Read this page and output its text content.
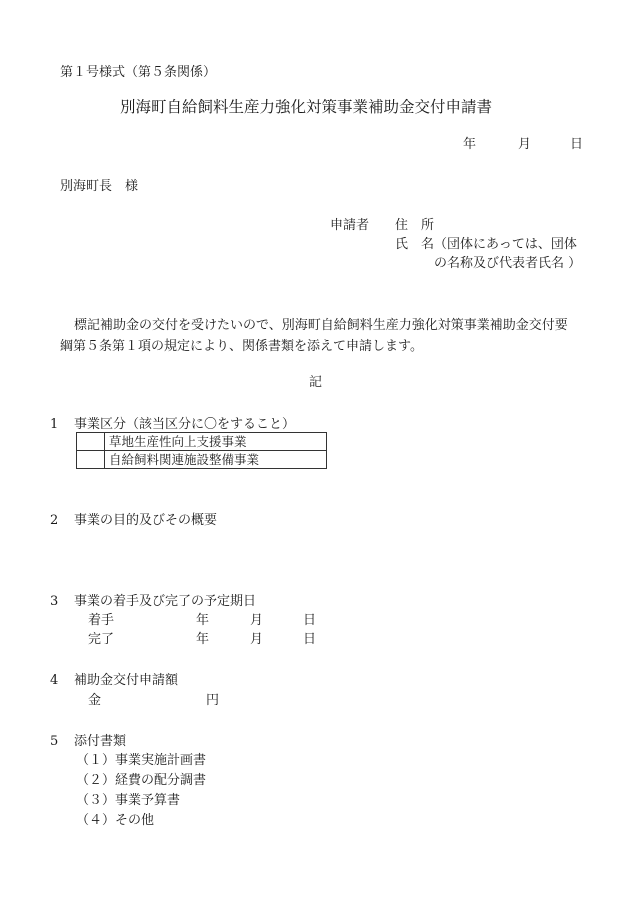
第１号様式（第５条関係）
別海町自給飼料生産力強化対策事業補助金交付申請書
年	月	日
別海町長　様
申請者 住　所
氏　名（団体にあっては、団体
の名称及び代表者氏名 ）
標記補助金の交付を受けたいので、別海町自給飼料生産力強化対策事業補助金交付要
綱第５条第１項の規定により、関係書類を添えて申請します。
記
1 事業区分（該当区分に〇をすること）
	草地生産性向上支援事業
	自給飼料関連施設整備事業
2 事業の目的及びその概要
3 事業の着手及び完了の予定期日
着手	年	月	日
完了	年	月	日
4 補助金交付申請額
金	円
5 添付書類
（１）事業実施計画書
（２）経費の配分調書
（３）事業予算書
（４）その他
